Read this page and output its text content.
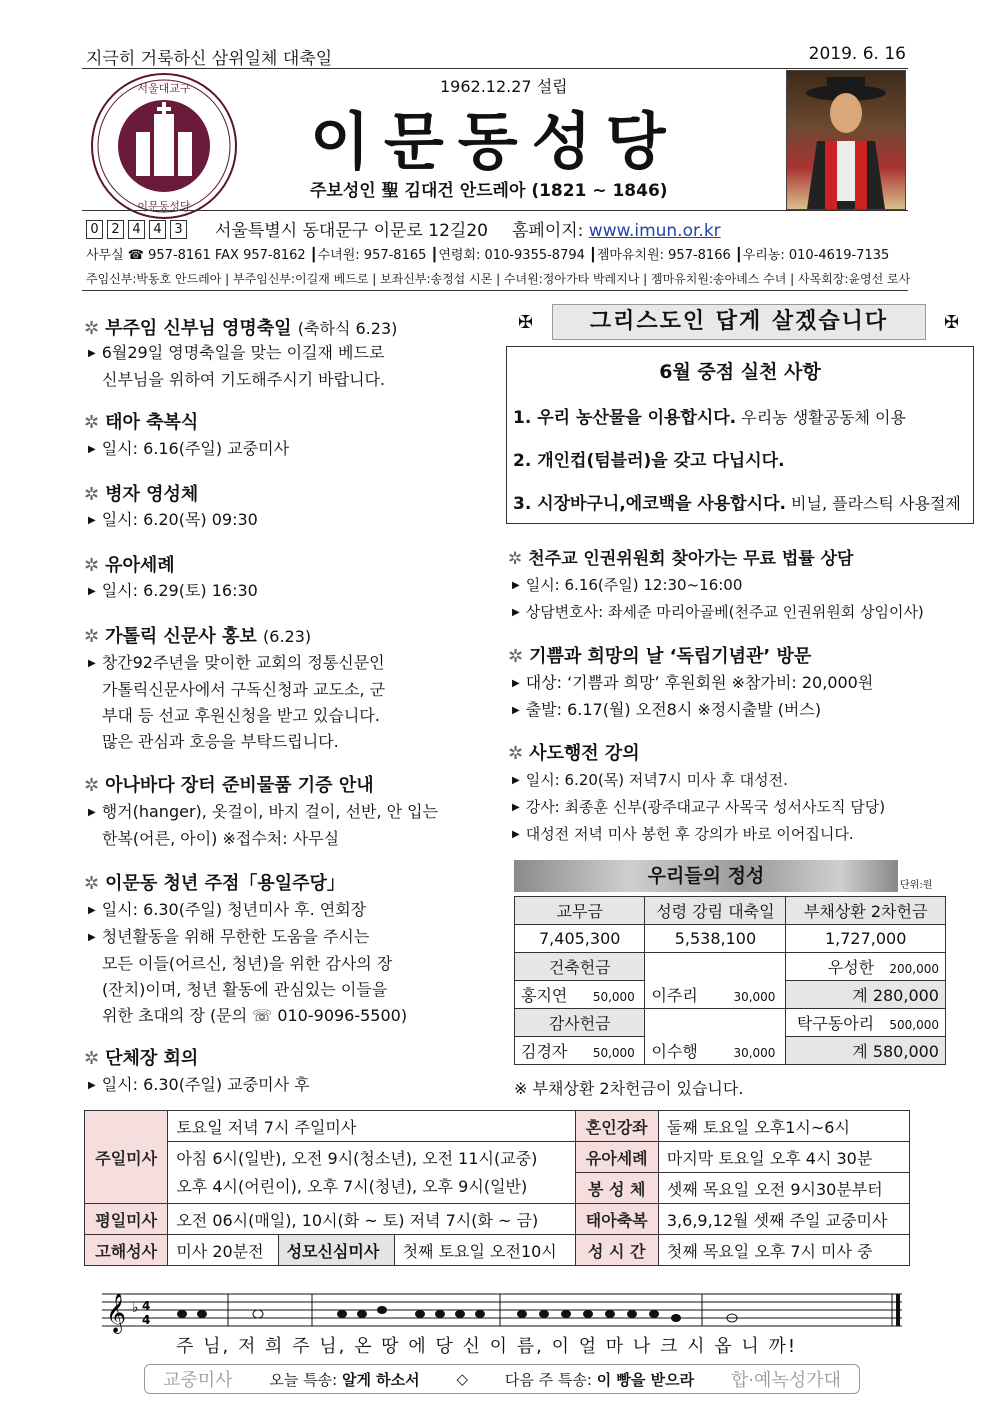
지극히 거룩하신 삼위일체 대축일	2019. 6. 16
서울대교구
이문동성당
1962.12.27 설립
이문동성당
주보성인 聖 김대건 안드레아 (1821 ~ 1846)
0 2 4 4 3	서울특별시 동대문구 이문로 12길20 홈페이지: www.imun.or.kr
사무실 ☎ 957-8161 FAX 957-8162 ┃수녀원: 957-8165 ┃연령회: 010-9355-8794 ┃젬마유치원: 957-8166 ┃우리농: 010-4619-7135
주임신부:박동호 안드레아 | 부주임신부:이길재 베드로 | 보좌신부:송정섭 시몬 | 수녀원:정아가타 박레지나 | 젬마유치원:송아녜스 수녀 | 사목회장:윤영선 로사
✲ 부주임 신부님 영명축일 (축하식 6.23)
▶ 6월29일 영명축일을 맞는 이길재 베드로
신부님을 위하여 기도해주시기 바랍니다.
✲ 태아 축복식
▶ 일시: 6.16(주일) 교중미사
✲ 병자 영성체
▶ 일시: 6.20(목) 09:30
✲ 유아세례
▶ 일시: 6.29(토) 16:30
✲ 가톨릭 신문사 홍보 (6.23)
▶ 창간92주년을 맞이한 교회의 정통신문인
가톨릭신문사에서 구독신청과 교도소, 군
부대 등 선교 후원신청을 받고 있습니다.
많은 관심과 호응을 부탁드립니다.
✲ 아나바다 장터 준비물품 기증 안내
▶ 행거(hanger), 옷걸이, 바지 걸이, 선반, 안 입는
한복(어른, 아이) ※접수처: 사무실
✲ 이문동 청년 주점「용일주당」
▶ 일시: 6.30(주일) 청년미사 후. 연회장
▶ 청년활동을 위해 무한한 도움을 주시는
모든 이들(어르신, 청년)을 위한 감사의 장
(잔치)이며, 청년 활동에 관심있는 이들을
위한 초대의 장 (문의 ☏ 010-9096-5500)
✲ 단체장 회의
▶ 일시: 6.30(주일) 교중미사 후
✠	그리스도인 답게 살겠습니다	✠
6월 중점 실천 사항
1. 우리 농산물을 이용합시다. 우리농 생활공동체 이용
2. 개인컵(텀블러)을 갖고 다닙시다.
3. 시장바구니,에코백을 사용합시다. 비닐, 플라스틱 사용절제
✲ 천주교 인권위원회 찾아가는 무료 법률 상담
▶ 일시: 6.16(주일) 12:30~16:00
▶ 상담변호사: 좌세준 마리아골베(천주교 인권위원회 상임이사)
✲ 기쁨과 희망의 날 ‘독립기념관’ 방문
▶ 대상: ‘기쁨과 희망’ 후원회원 ※참가비: 20,000원
▶ 출발: 6.17(월) 오전8시 ※정시출발 (버스)
✲ 사도행전 강의
▶ 일시: 6.20(목) 저녁7시 미사 후 대성전.
▶ 강사: 최종훈 신부(광주대교구 사목국 성서사도직 담당)
▶ 대성전 저녁 미사 봉헌 후 강의가 바로 이어집니다.
우리들의 정성	단위:원
교무금	성령 강림 대축일	부채상환 2차헌금
7,405,300	5,538,100	1,727,000
건축헌금		우성한 200,000
홍지연 50,000	이주리 30,000	계 280,000
감사헌금		탁구동아리 500,000
김경자 50,000	이수행 30,000	계 580,000
※ 부채상환 2차헌금이 있습니다.
주일미사	토요일 저녁 7시 주일미사			혼인강좌	둘째 토요일 오후1시~6시
	아침 6시(일반), 오전 9시(청소년), 오전 11시(교중)
오후 4시(어린이), 오후 7시(청년), 오후 9시(일반)			유아세례	마지막 토요일 오후 4시 30분
				봉 성 체	셋째 목요일 오전 9시30분부터
평일미사	오전 06시(매일), 10시(화 ~ 토) 저녁 7시(화 ~ 금)			태아축복	3,6,9,12월 셋째 주일 교중미사
고해성사	미사 20분전	성모신심미사	첫째 토요일 오전10시	성 시 간	첫째 목요일 오후 7시 미사 중
𝄞 ♭ 4
4
주 님, 저 희 주 님, 온 땅 에 당 신 이 름, 이 얼 마 나 크 시 옵 니 까!
교중미사 오늘 특송: 알게 하소서 ◇ 다음 주 특송: 이 빵을 받으라 합·예녹성가대
